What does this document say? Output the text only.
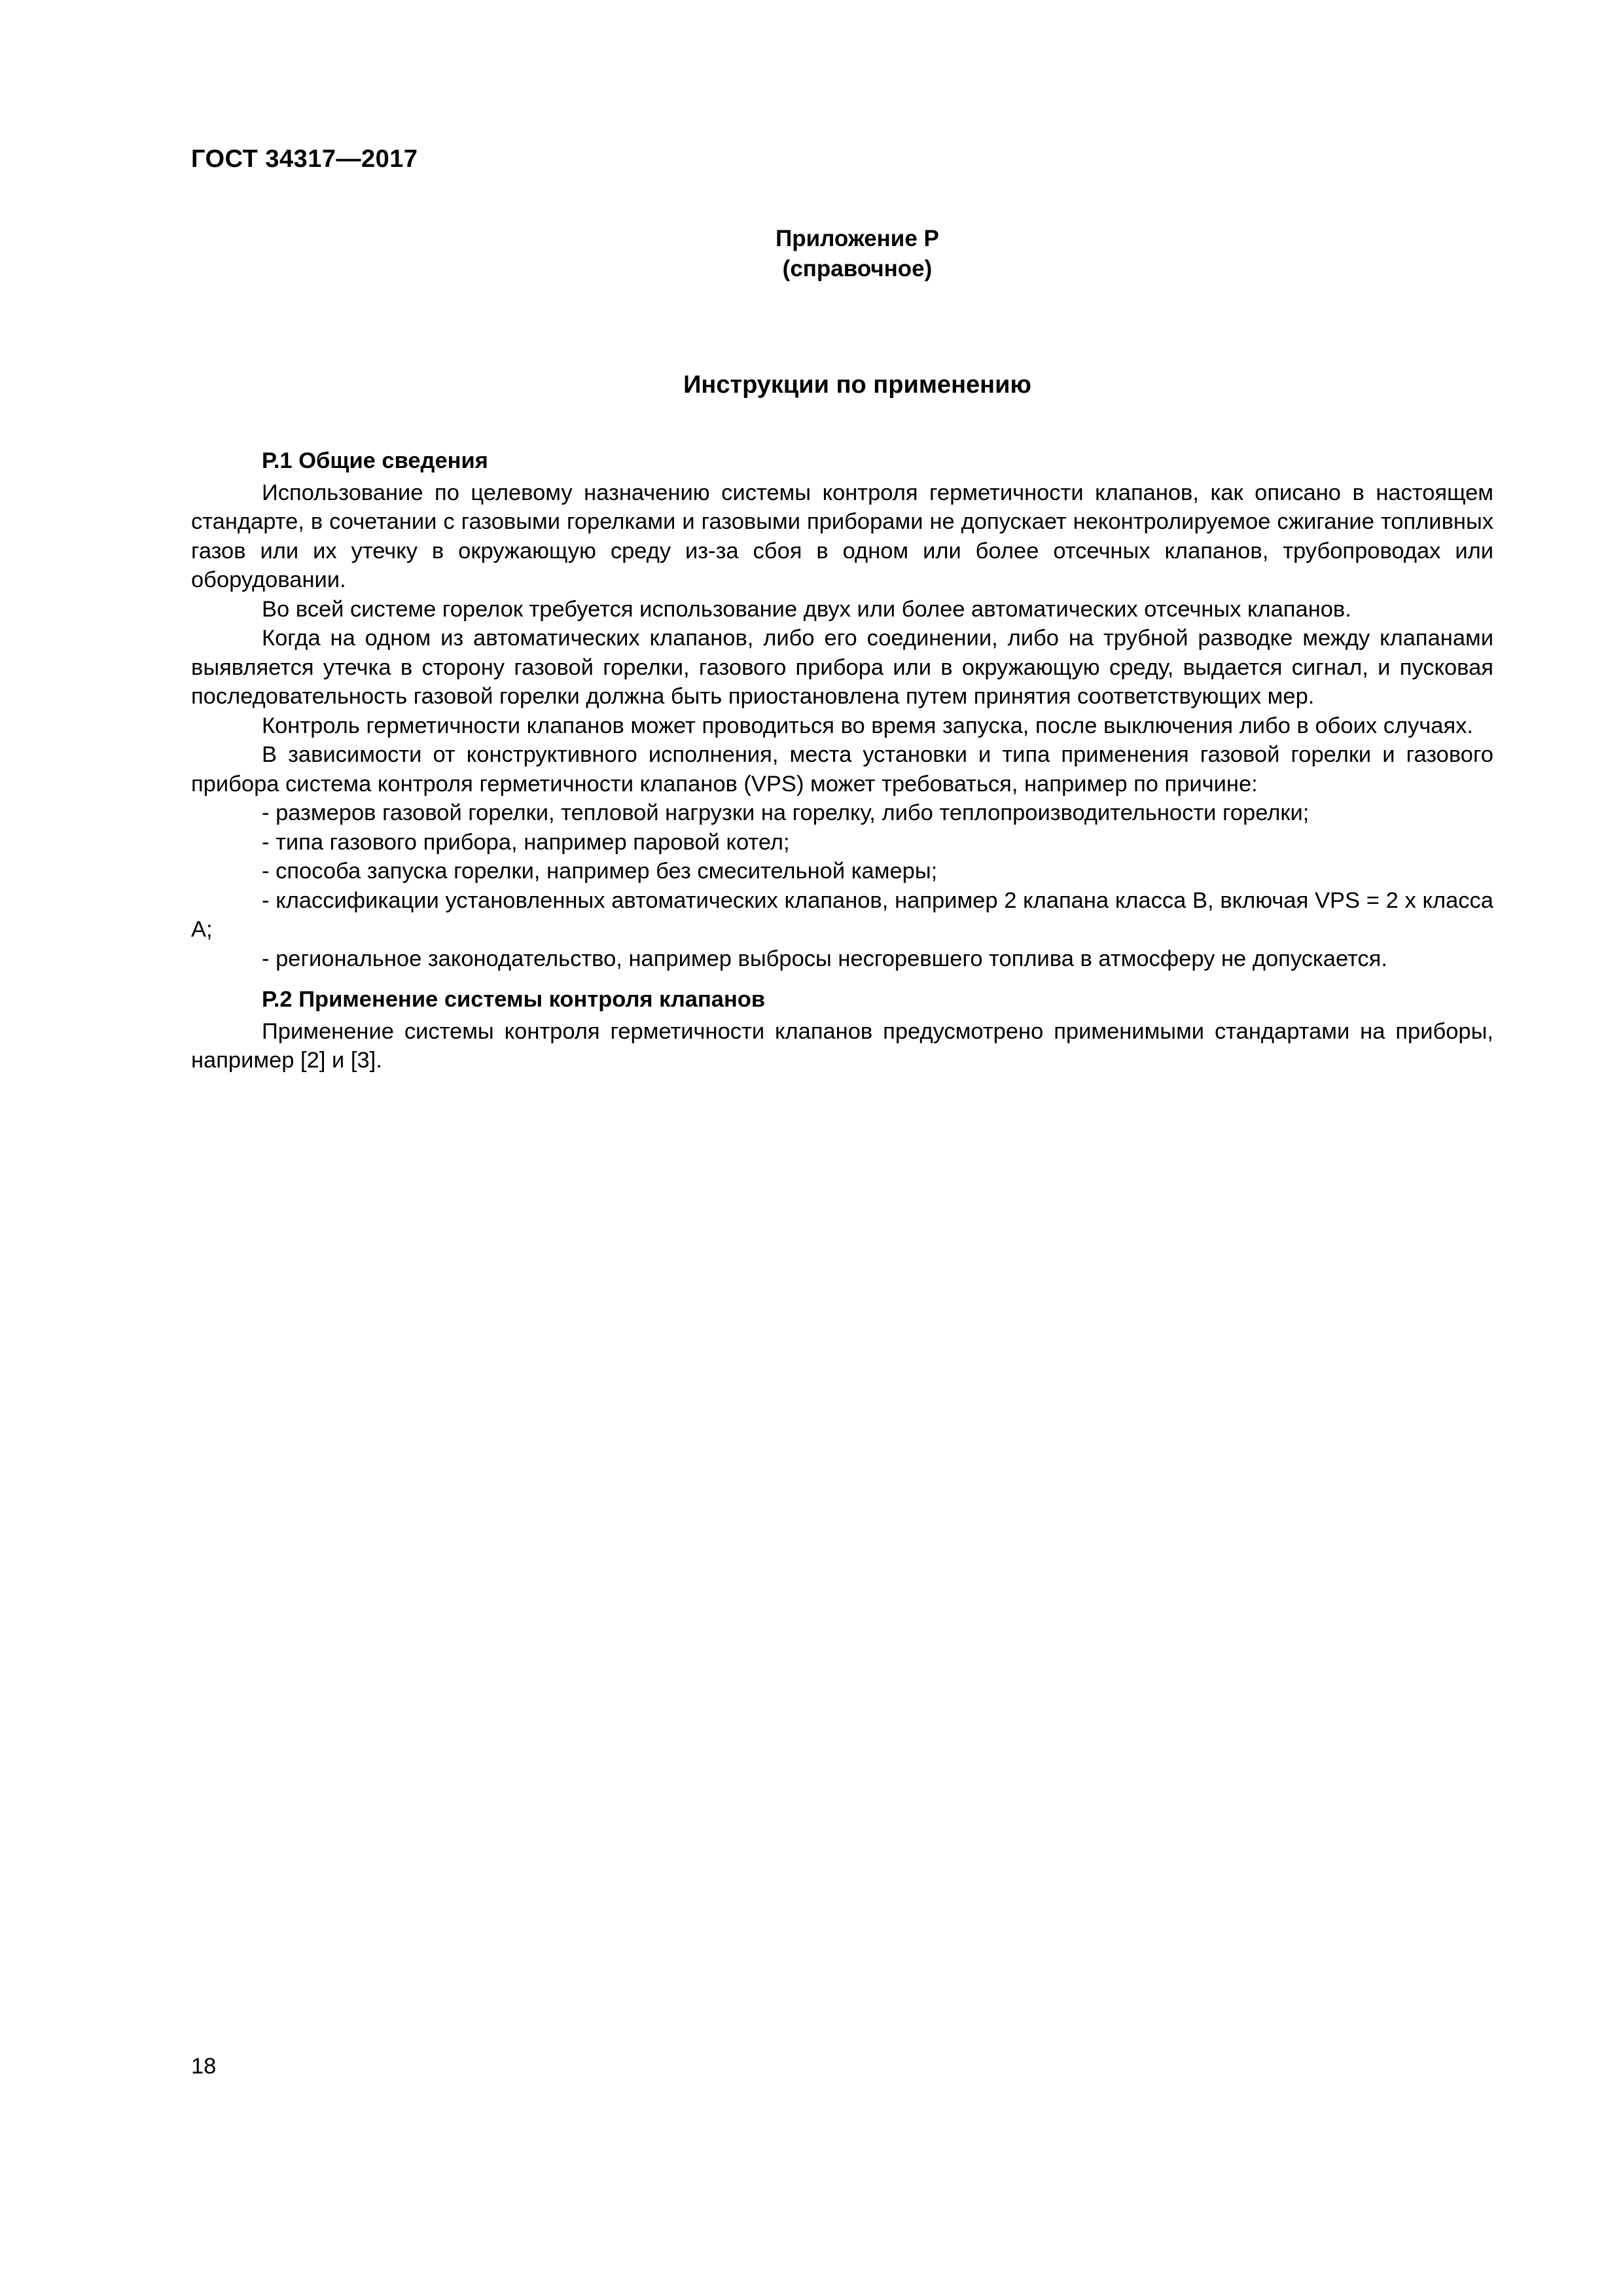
ГОСТ 34317—2017
Приложение Р
(справочное)
Инструкции по применению

Р.1 Общие сведения

Использование по целевому назначению системы контроля герметичности клапанов, как описано в настоящем стандарте, в сочетании с газовыми горелками и газовыми приборами не допускает неконтролируемое сжигание топливных газов или их утечку в окружающую среду из-за сбоя в одном или более отсечных клапанов, трубопроводах или оборудовании.

Во всей системе горелок требуется использование двух или более автоматических отсечных клапанов.

Когда на одном из автоматических клапанов, либо его соединении, либо на трубной разводке между клапанами выявляется утечка в сторону газовой горелки, газового прибора или в окружающую среду, выдается сигнал, и пусковая последовательность газовой горелки должна быть приостановлена путем принятия соответствующих мер.

Контроль герметичности клапанов может проводиться во время запуска, после выключения либо в обоих случаях.

В зависимости от конструктивного исполнения, места установки и типа применения газовой горелки и газового прибора система контроля герметичности клапанов (VPS) может требоваться, например по причине:

- размеров газовой горелки, тепловой нагрузки на горелку, либо теплопроизводительности горелки;

- типа газового прибора, например паровой котел;

- способа запуска горелки, например без смесительной камеры;

- классификации установленных автоматических клапанов, например 2 клапана класса В, включая VPS = 2 х класса А;

- региональное законодательство, например выбросы несгоревшего топлива в атмосферу не допускается.

Р.2 Применение системы контроля клапанов

Применение системы контроля герметичности клапанов предусмотрено применимыми стандартами на приборы, например [2] и [3].

18
